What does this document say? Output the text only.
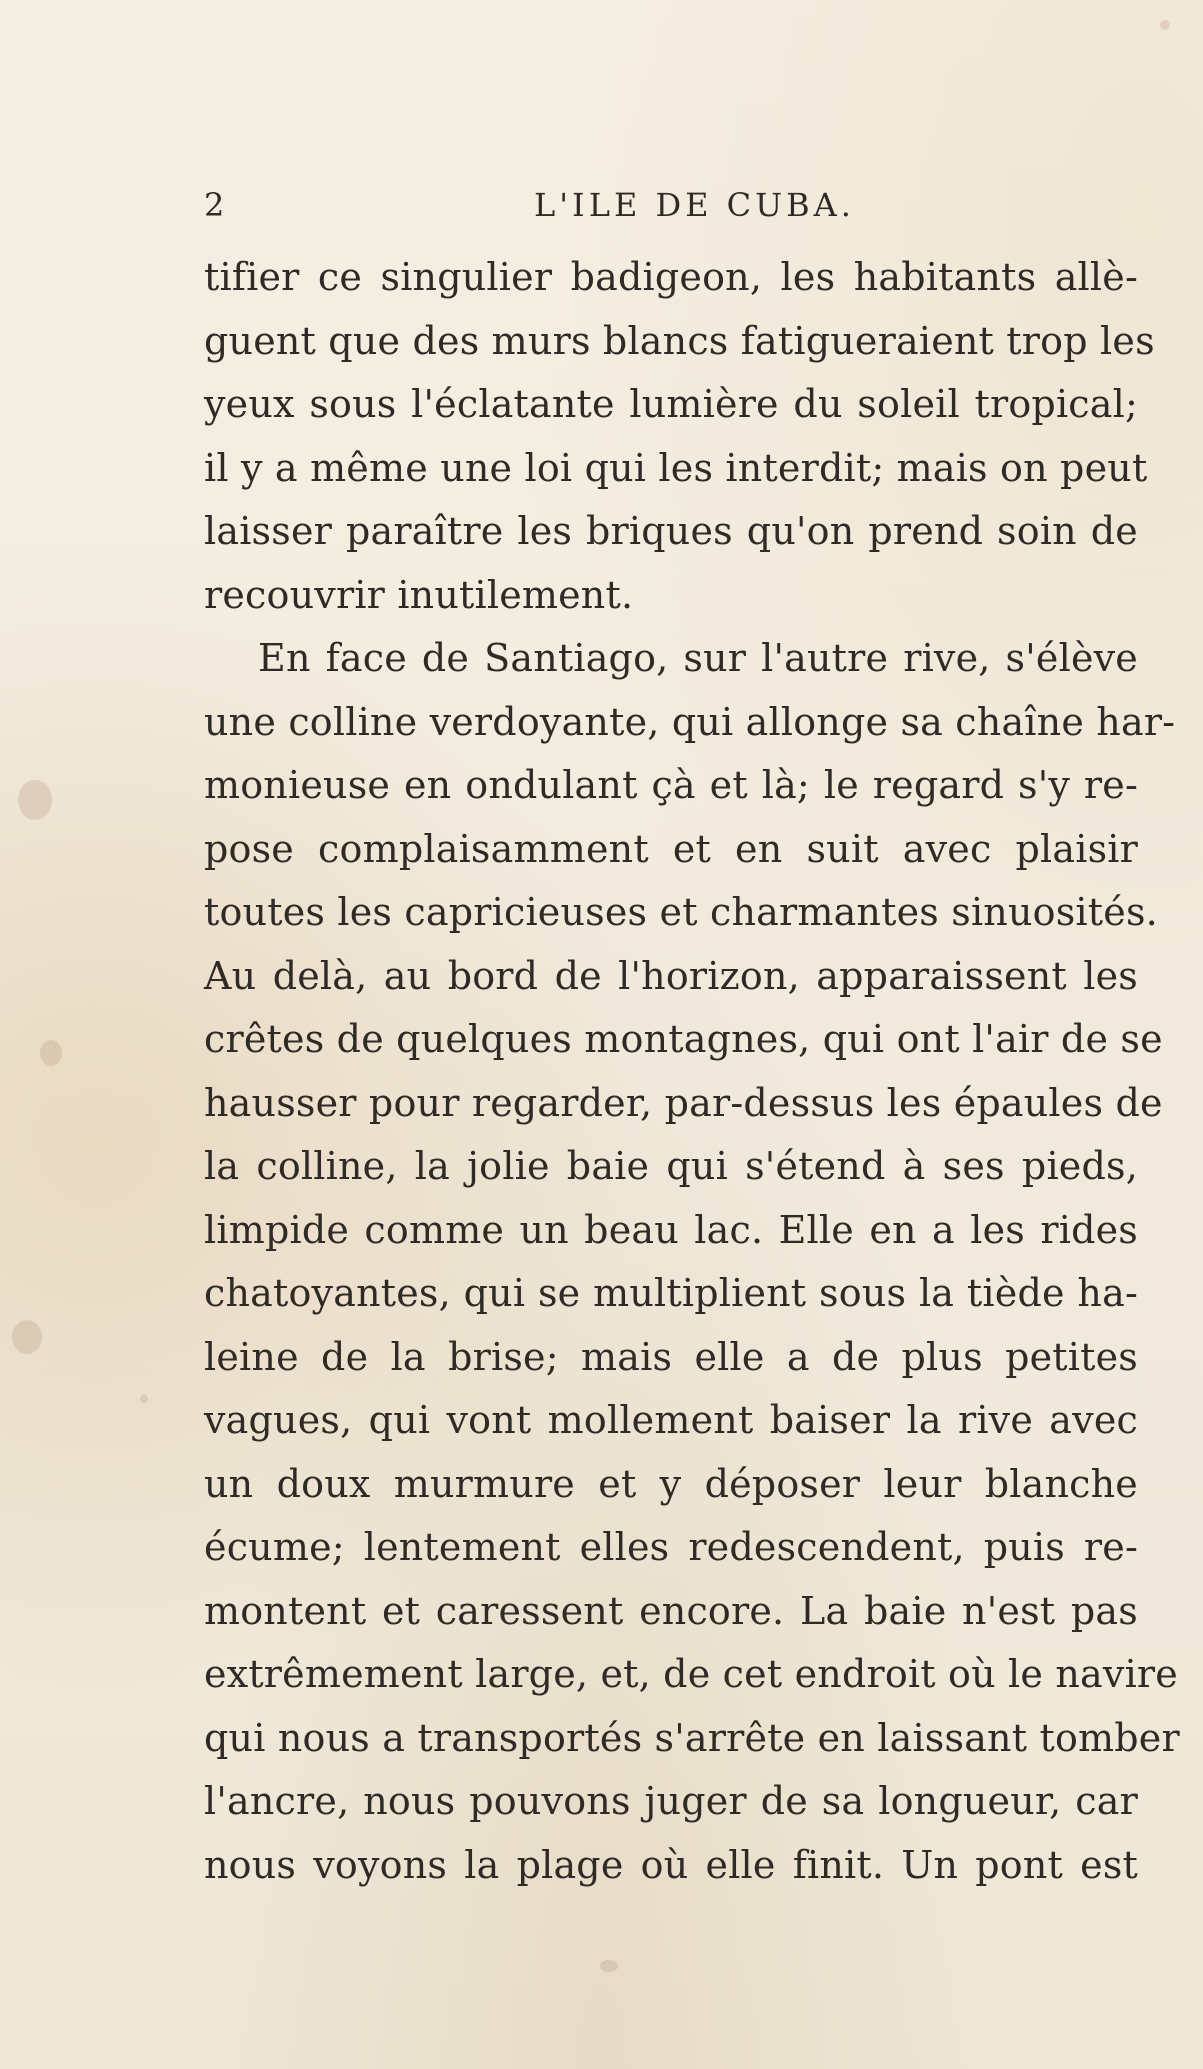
2	L'ILE DE CUBA.
tifier ce singulier badigeon, les habitants allè-
guent que des murs blancs fatigueraient trop les
yeux sous l'éclatante lumière du soleil tropical;
il y a même une loi qui les interdit; mais on peut
laisser paraître les briques qu'on prend soin de
recouvrir inutilement.
En face de Santiago, sur l'autre rive, s'élève
une colline verdoyante, qui allonge sa chaîne har-
monieuse en ondulant çà et là; le regard s'y re-
pose complaisamment et en suit avec plaisir
toutes les capricieuses et charmantes sinuosités.
Au delà, au bord de l'horizon, apparaissent les
crêtes de quelques montagnes, qui ont l'air de se
hausser pour regarder, par-dessus les épaules de
la colline, la jolie baie qui s'étend à ses pieds,
limpide comme un beau lac. Elle en a les rides
chatoyantes, qui se multiplient sous la tiède ha-
leine de la brise; mais elle a de plus petites
vagues, qui vont mollement baiser la rive avec
un doux murmure et y déposer leur blanche
écume; lentement elles redescendent, puis re-
montent et caressent encore. La baie n'est pas
extrêmement large, et, de cet endroit où le navire
qui nous a transportés s'arrête en laissant tomber
l'ancre, nous pouvons juger de sa longueur, car
nous voyons la plage où elle finit. Un pont est
